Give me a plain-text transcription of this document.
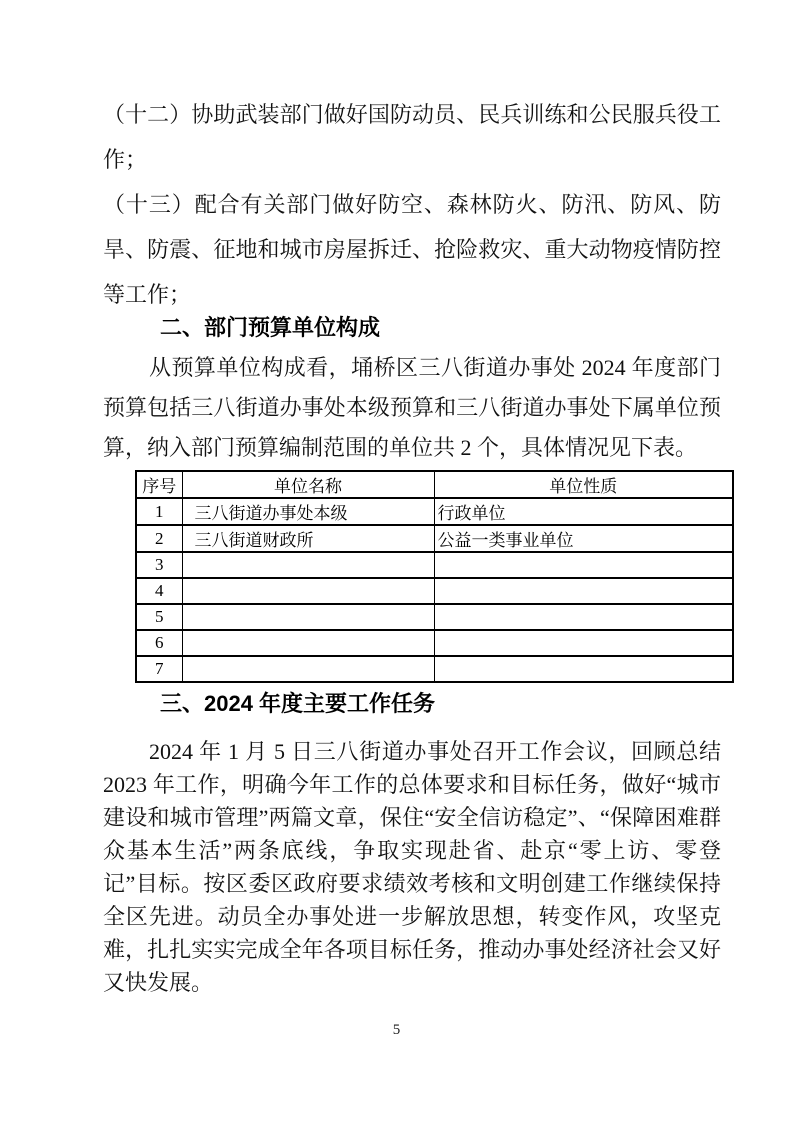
（十二）协助武装部门做好国防动员、民兵训练和公民服兵役工作；

（十三）配合有关部门做好防空、森林防火、防汛、防风、防旱、防震、征地和城市房屋拆迁、抢险救灾、重大动物疫情防控等工作；

二、部门预算单位构成

从预算单位构成看，埇桥区三八街道办事处 2024 年度部门预算包括三八街道办事处本级预算和三八街道办事处下属单位预算，纳入部门预算编制范围的单位共 2 个，具体情况见下表。

序号	单位名称	单位性质
1	三八街道办事处本级	行政单位
2	三八街道财政所	公益一类事业单位
3		
4		
5		
6		
7		
三、2024 年度主要工作任务

2024 年 1 月 5 日三八街道办事处召开工作会议，回顾总结 2023 年工作，明确今年工作的总体要求和目标任务，做好“城市建设和城市管理”两篇文章，保住“安全信访稳定”、“保障困难群众基本生活”两条底线，争取实现赴省、赴京“零上访、零登记”目标。按区委区政府要求绩效考核和文明创建工作继续保持全区先进。动员全办事处进一步解放思想，转变作风，攻坚克难，扎扎实实完成全年各项目标任务，推动办事处经济社会又好又快发展。

5
